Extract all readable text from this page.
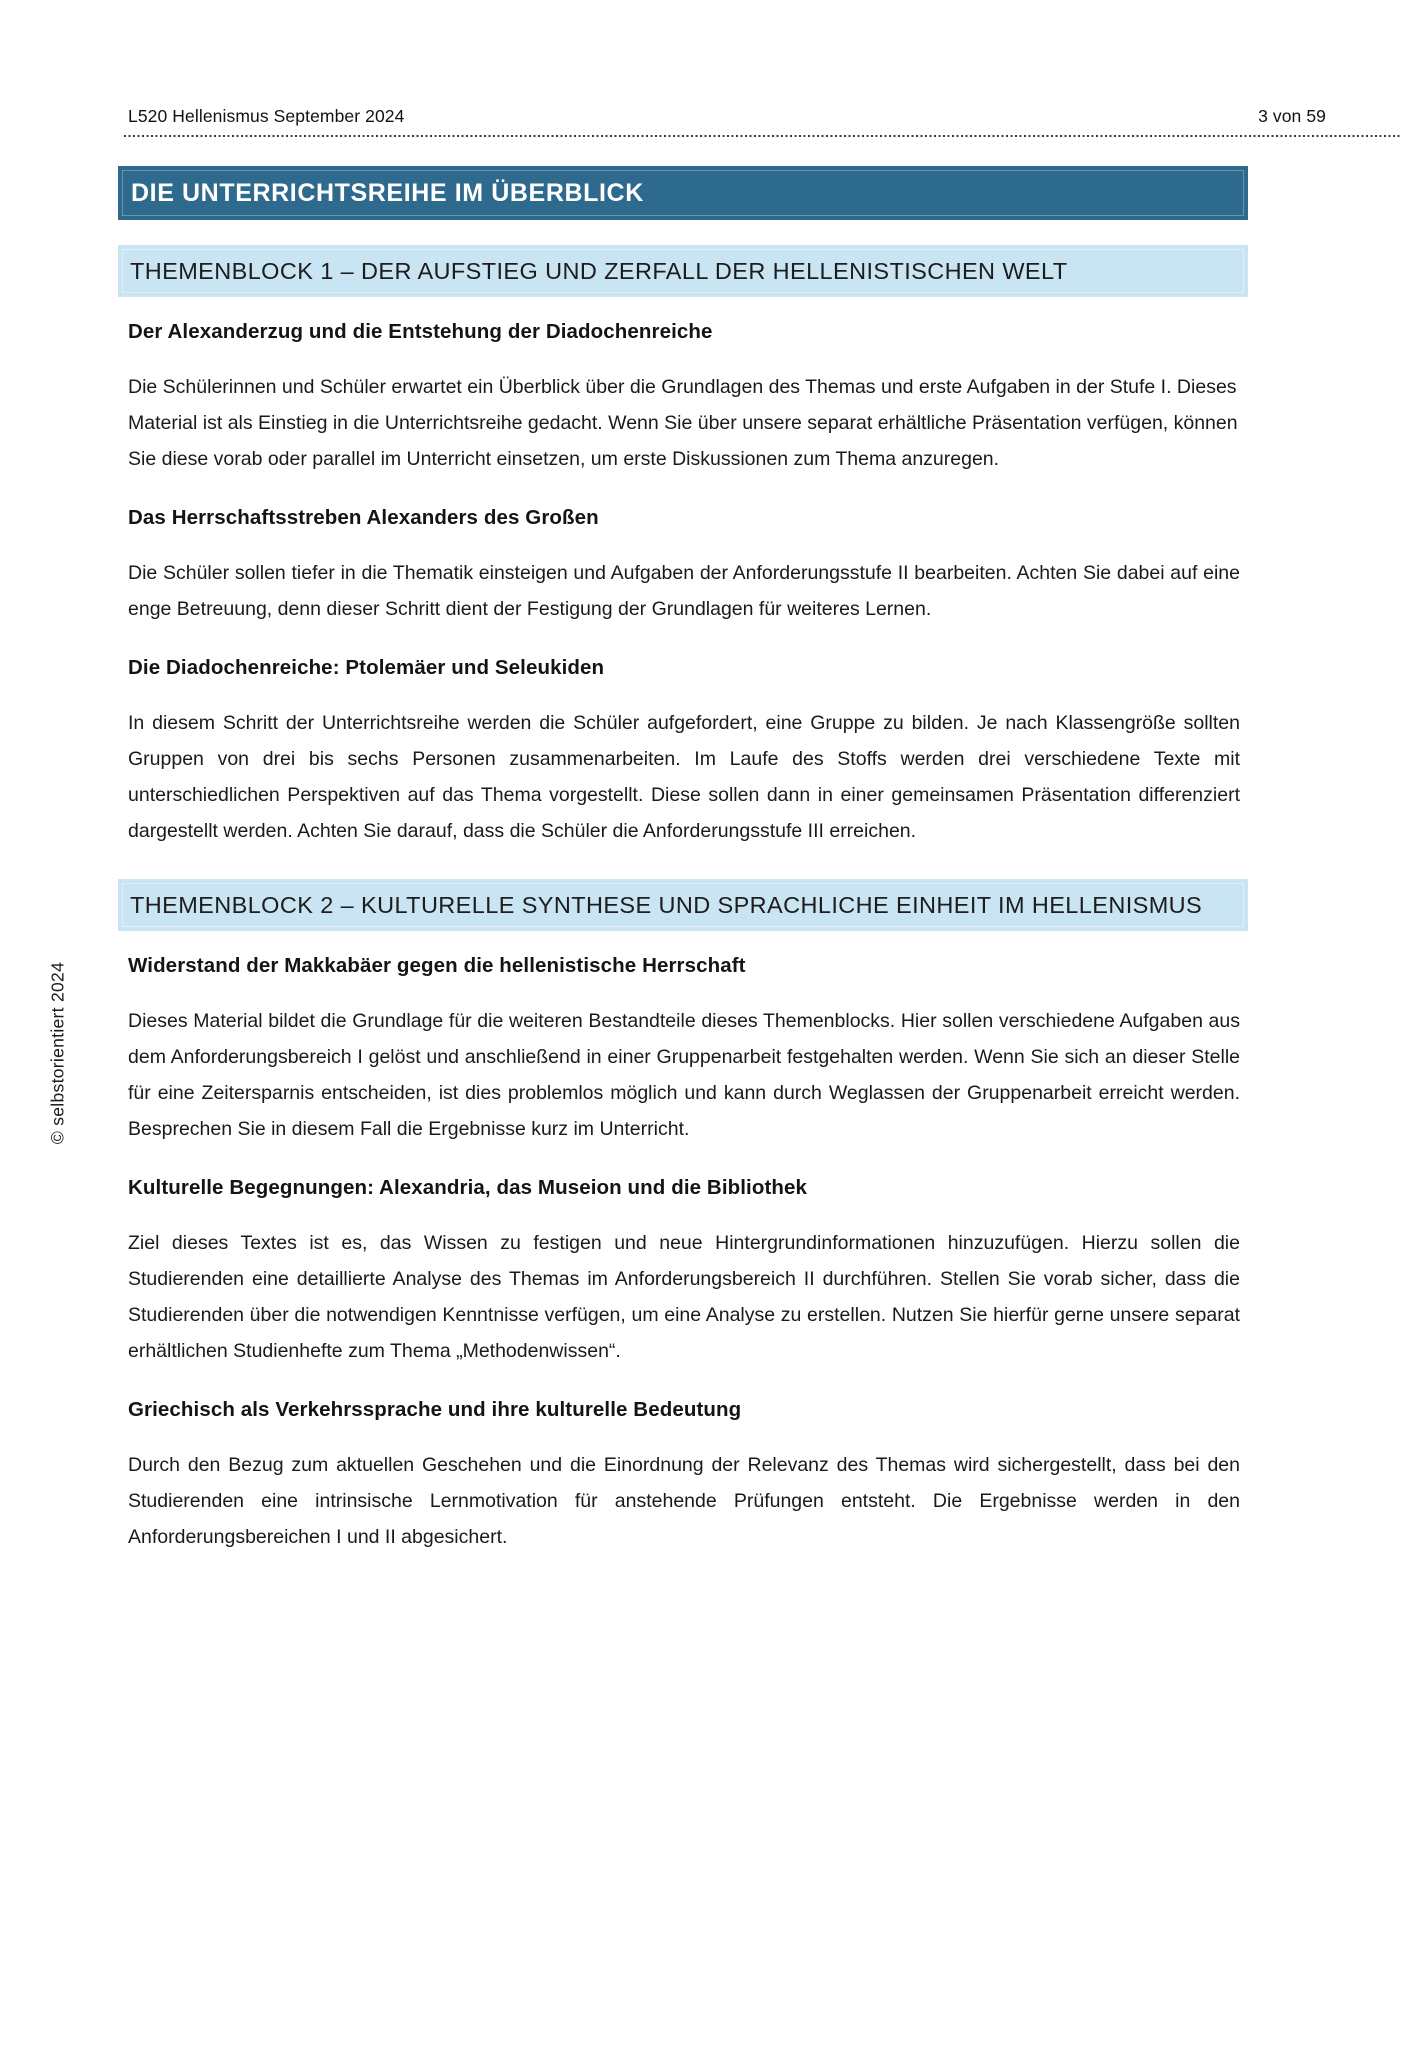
L520 Hellenismus September 2024	3 von 59
© selbstorientiert 2024
DIE UNTERRICHTSREIHE IM ÜBERBLICK
THEMENBLOCK 1 – DER AUFSTIEG UND ZERFALL DER HELLENISTISCHEN WELT
Der Alexanderzug und die Entstehung der Diadochenreiche

Die Schülerinnen und Schüler erwartet ein Überblick über die Grundlagen des Themas und erste Aufgaben in der Stufe I. Dieses Material ist als Einstieg in die Unterrichtsreihe gedacht. Wenn Sie über unsere separat erhältliche Präsentation verfügen, können Sie diese vorab oder parallel im Unterricht einsetzen, um erste Diskussionen zum Thema anzuregen.

Das Herrschaftsstreben Alexanders des Großen

Die Schüler sollen tiefer in die Thematik einsteigen und Aufgaben der Anforderungsstufe II bearbeiten. Achten Sie dabei auf eine enge Betreuung, denn dieser Schritt dient der Festigung der Grundlagen für weiteres Lernen.

Die Diadochenreiche: Ptolemäer und Seleukiden

In diesem Schritt der Unterrichtsreihe werden die Schüler aufgefordert, eine Gruppe zu bilden. Je nach Klassengröße sollten Gruppen von drei bis sechs Personen zusammenarbeiten. Im Laufe des Stoffs werden drei verschiedene Texte mit unterschiedlichen Perspektiven auf das Thema vorgestellt. Diese sollen dann in einer gemeinsamen Präsentation differenziert dargestellt werden. Achten Sie darauf, dass die Schüler die Anforderungsstufe III erreichen.

THEMENBLOCK 2 – KULTURELLE SYNTHESE UND SPRACHLICHE EINHEIT IM HELLENISMUS
Widerstand der Makkabäer gegen die hellenistische Herrschaft

Dieses Material bildet die Grundlage für die weiteren Bestandteile dieses Themenblocks. Hier sollen verschiedene Aufgaben aus dem Anforderungsbereich I gelöst und anschließend in einer Gruppenarbeit festgehalten werden. Wenn Sie sich an dieser Stelle für eine Zeitersparnis entscheiden, ist dies problemlos möglich und kann durch Weglassen der Gruppenarbeit erreicht werden. Besprechen Sie in diesem Fall die Ergebnisse kurz im Unterricht.

Kulturelle Begegnungen: Alexandria, das Museion und die Bibliothek

Ziel dieses Textes ist es, das Wissen zu festigen und neue Hintergrundinformationen hinzuzufügen. Hierzu sollen die Studierenden eine detaillierte Analyse des Themas im Anforderungsbereich II durchführen. Stellen Sie vorab sicher, dass die Studierenden über die notwendigen Kenntnisse verfügen, um eine Analyse zu erstellen. Nutzen Sie hierfür gerne unsere separat erhältlichen Studienhefte zum Thema „Methodenwissen“.

Griechisch als Verkehrssprache und ihre kulturelle Bedeutung

Durch den Bezug zum aktuellen Geschehen und die Einordnung der Relevanz des Themas wird sichergestellt, dass bei den Studierenden eine intrinsische Lernmotivation für anstehende Prüfungen entsteht. Die Ergebnisse werden in den Anforderungsbereichen I und II abgesichert.
